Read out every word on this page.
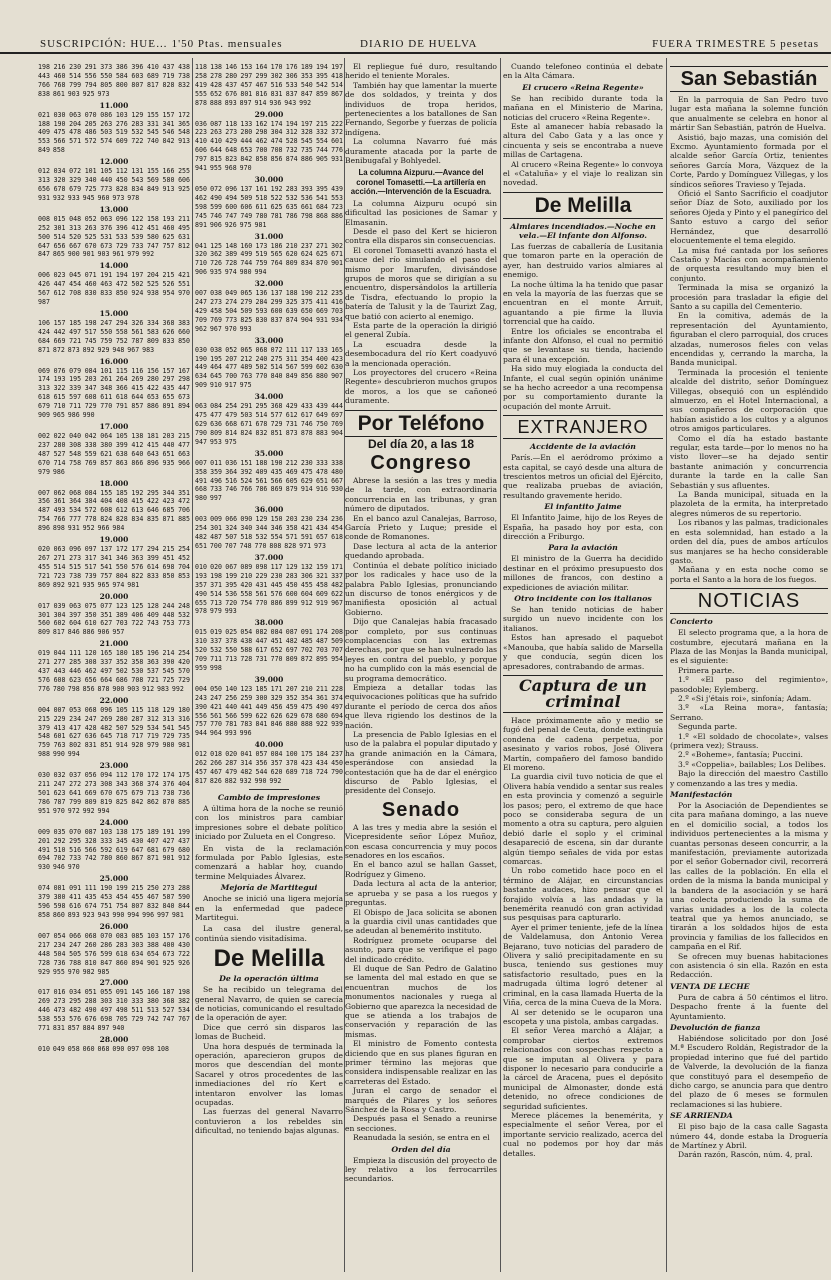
SUSCRIPCIÓN: HUE… 1'50 Ptas. mensuales	DIARIO DE HUELVA	FUERA TRIMESTRE 5 pesetas
198 216 230 291 373 386 396 410 437 438 443 460 514 556 550 584 603 689 719 738 766 768 799 794 805 800 807 817 828 832 838 861 903 925 973
11.000
021 030 063 070 086 103 129 155 157 172 188 190 204 205 263 276 283 331 341 365 409 475 478 486 503 519 532 545 546 548 553 566 571 572 574 609 722 740 842 913 849 858
12.000
012 034 072 101 105 112 131 155 166 255 313 320 329 340 440 450 543 569 580 606 656 678 679 725 773 828 834 849 913 925 931 932 933 945 960 973 978
13.000
008 015 048 052 063 096 122 158 193 211 252 301 313 263 376 396 412 451 460 495 500 514 520 525 531 533 539 580 625 631 647 656 667 670 673 729 733 747 757 812 847 865 900 901 903 961 979 992
14.000
006 023 045 071 191 194 197 204 215 421 426 447 454 460 463 472 502 525 526 551 567 612 708 830 833 850 924 938 954 970 987
15.000
106 157 185 198 247 294 326 334 368 383 424 442 497 517 550 558 561 583 626 660 684 669 721 745 759 752 787 809 833 850 871 872 873 892 929 948 967 983
16.000
069 076 079 084 101 115 116 156 157 167 174 193 195 203 261 264 269 280 297 298 313 322 339 347 348 366 415 422 435 447 618 615 597 608 611 618 644 653 655 673 679 710 711 729 770 791 857 886 891 894 909 965 986 990
17.000
002 022 040 042 064 105 138 181 203 215 237 280 308 338 380 399 412 415 440 477 487 527 548 559 621 638 640 643 651 663 670 714 758 769 857 863 866 896 935 966 979 986
18.000
007 062 068 084 155 185 192 295 344 351 356 361 364 384 404 408 415 422 423 472 487 493 534 572 608 612 613 646 685 706 754 766 777 778 824 828 834 835 871 885 896 898 931 952 966 984
19.000
020 063 096 097 137 172 177 294 215 254 267 271 273 317 341 346 363 399 451 452 455 514 515 517 541 550 576 614 698 704 721 723 738 739 757 804 822 833 850 853 869 892 921 935 965 974 981
20.000
017 039 063 075 077 123 125 128 244 248 301 304 397 350 351 389 406 409 448 532 560 602 604 610 627 703 722 743 753 773 809 817 846 886 906 957
21.000
019 044 111 120 165 180 185 196 214 254 271 277 285 308 337 352 358 363 390 420 437 443 446 462 497 502 530 537 545 570 576 608 623 656 664 686 708 721 725 729 776 780 798 856 878 900 903 912 983 992
22.000
004 007 053 068 096 105 115 118 129 180 215 229 234 247 269 280 287 312 313 316 379 413 417 428 482 507 529 534 541 545 548 601 627 636 645 718 717 719 729 735 759 763 802 831 851 914 928 979 980 981 988 990 994
23.000
030 032 037 056 094 112 170 172 174 175 211 247 272 273 308 343 368 374 376 404 501 623 641 669 670 675 679 713 738 736 786 787 799 809 819 825 842 862 870 885 951 970 972 992 994
24.000
009 035 070 087 103 138 175 189 191 199 201 292 295 328 333 345 430 407 427 437 491 510 516 566 592 619 647 681 679 680 694 702 733 742 780 860 867 871 901 912 930 946 970
25.000
074 081 091 111 190 199 215 250 273 288 379 380 411 435 453 454 455 467 587 590 596 598 616 674 751 754 807 832 840 844 858 860 893 923 943 990 994 996 997 981
26.000
007 054 066 068 070 083 085 103 157 176 217 234 247 260 286 283 303 388 400 430 448 504 505 576 599 618 634 654 673 722 728 736 788 810 847 860 894 901 925 926 929 955 970 982 985
27.000
017 016 034 051 055 091 145 166 187 198 269 273 295 288 303 310 333 380 368 382 446 473 482 490 497 498 511 513 527 534 538 553 576 676 698 705 729 742 747 767 771 831 857 884 897 940
28.000
010 049 058 060 068 090 097 098 108
118 138 146 153 164 170 176 189 194 197 258 278 280 297 299 302 306 353 395 418 419 428 437 457 467 516 533 540 542 514 555 652 676 801 816 831 837 847 859 867 878 888 893 897 914 936 943 992
29.000
036 087 118 133 162 174 194 197 215 222 223 263 273 280 298 304 312 328 332 372 410 410 429 444 462 474 528 545 554 601 606 644 648 653 700 708 732 735 744 776 797 815 823 842 858 856 874 886 905 931 941 955 968 970
30.000
050 072 096 137 161 192 283 393 395 439 462 490 494 509 518 522 532 536 541 553 598 599 600 606 611 625 635 661 684 723 745 746 747 749 780 781 786 798 868 886 891 906 926 975 981
31.000
041 125 148 160 173 186 210 237 271 302 320 362 389 499 519 565 620 624 625 671 710 726 728 744 759 764 809 834 870 901 906 935 974 980 994
32.000
007 038 049 065 136 137 188 190 212 235 247 273 274 279 284 299 325 375 411 416 429 458 504 509 593 600 639 650 669 703 709 769 773 825 830 837 874 904 931 934 962 967 970 993
33.000
030 038 052 065 068 072 111 117 133 165 190 195 207 212 240 275 311 354 400 423 449 464 477 489 502 514 567 599 602 630 634 645 700 763 770 840 849 856 880 907 909 910 917 975
34.000
063 084 254 291 295 368 429 433 439 444 475 477 479 503 514 577 612 617 649 697 629 636 668 671 678 729 731 746 750 769 790 809 814 824 832 851 873 878 883 904 947 953 975
35.000
007 011 036 151 188 190 212 230 333 338 358 359 364 392 409 435 469 475 478 480 491 496 516 524 561 566 605 629 651 667 668 733 746 766 786 869 879 914 916 930 980 997
36.000
003 009 066 090 129 150 203 230 234 236 254 301 324 340 344 346 358 421 434 454 482 487 507 518 532 554 571 591 657 618 651 700 707 748 770 808 828 971 973
37.000
010 020 067 089 098 117 129 132 159 171 193 198 199 210 229 230 283 306 321 337 357 371 395 420 431 445 450 455 458 482 490 514 536 558 561 576 600 604 609 622 655 713 720 754 770 886 899 912 919 967 978 979 993
38.000
015 019 025 054 082 084 087 091 174 208 310 337 378 438 447 451 482 485 487 509 520 532 550 588 617 652 697 702 703 707 709 711 713 728 731 770 809 872 895 954 959 998
39.000
004 050 140 123 185 171 207 210 211 228 243 247 256 259 300 329 352 354 361 374 390 421 440 441 449 456 459 475 490 497 556 561 566 599 622 626 629 678 680 694 757 770 781 783 841 846 880 888 922 939 944 964 993 996
40.000
012 018 020 041 057 084 100 175 184 237 262 266 287 314 356 357 378 423 434 450 457 467 479 482 544 620 689 718 724 790 817 826 882 932 990 992
Cambio de impresiones

A última hora de la noche se reunió con los ministros para cambiar impresiones sobre el debate político iniciado por Zulueta en el Congreso.

En vista de la reclamación formulada por Pablo Iglesias, este comenzará a hablar hoy, cuando termine Melquiades Álvarez.

Mejoría de Martitegui

Anoche se inició una ligera mejoría en la enfermedad que padece Martitegui.

La casa del ilustre general, continúa siendo visitadísima.

De Melilla
De la operación última

Se ha recibido un telegrama del general Navarro, de quien se carecía de noticias, comunicando el resultado de la operación de ayer.

Dice que cerró sin disparos las lomas de Bucheid.

Una hora después de terminada la operación, aparecieron grupos de moros que descendían del monte Sacarel y otros procedentes de las inmediaciones del río Kert e intentaron envolver las lomas ocupadas.

Las fuerzas del general Navarro contuvieron a los rebeldes sin dificultad, no teniendo bajas algunas.

El repliegue fué duro, resultando herido el teniente Morales.

También hay que lamentar la muerte de dos soldados, y treinta y dos individuos de tropa heridos, pertenecientes a los batallones de San Fernando, Segorbe y fuerzas de policía indígena.

La columna Navarro fué más duramente atacada por la parte de Benibugafal y Bohlyedel.

La columna Aizpuru.—Avance del coronel Tomasetti.—La artillería en acción.—Intervención de la Escuadra.

La columna Aizpuru ocupó sin dificultad las posiciones de Samar y Elmasanin.

Desde el paso del Kert se hicieron contra ella disparos sin consecuencias.

El coronel Tomasetti avanzó hasta el cauce del río simulando el paso del mismo por Imarufen, divisándose grupos de moros que se dirigían a su encuentro, dispersándolos la artillería de Tisdra, efectuando lo propio la batería de Talusit y la de Taurizt Zag, que batió con acierto al enemigo.

Esta parte de la operación la dirigió el general Zubía.

La escuadra desde la desembocadura del río Kert coadyuvó a la mencionada operación.

Los proyectores del crucero «Reina Regente» descubrieron muchos grupos de moros, a los que se cañoneó duramente.

Por Teléfono
Del día 20, a las 18
Congreso

Abrese la sesión a las tres y media de la tarde, con extraordinaria concurrencia en las tribunas, y gran número de diputados.

En el banco azul Canalejas, Barroso, García Prieto y Luque; preside el conde de Romanones.

Dase lectura al acta de la anterior quedando aprobada.

Continúa el debate político iniciado por los radicales y hace uso de la palabra Pablo Iglesias, pronunciando un discurso de tonos enérgicos y de manifiesta oposición al actual Gobierno.

Dijo que Canalejas había fracasado por completo, por sus continuas complacencias con las extremas derechas, por que se han vulnerado las leyes en contra del pueblo, y porque no ha cumplido con la más esencial de su programa democrático.

Empieza a detallar todas las equivocaciones políticas que ha sufrido durante el período de cerca dos años que lleva rigiendo los destinos de la nación.

La presencia de Pablo Iglesias en el uso de la palabra el popular diputado y ha grande animación en la Cámara, esperándose con ansiedad la contestación que ha de dar el enérgico discurso de Pablo Iglesias, el presidente del Consejo.

Senado

A las tres y media abre la sesión el Vicepresidente señor López Muñoz, con escasa concurrencia y muy pocos senadores en los escaños.

En el banco azul se hallan Gasset, Rodríguez y Gimeno.

Dada lectura al acta de la anterior, se aprueba y se pasa a los ruegos y preguntas.

El Obispo de Jaca solicita se abonen a la guardia civil unas cantidades que se adeudan al benemérito instituto.

Rodríguez promete ocuparse del asunto, para que se verifique el pago del indicado crédito.

El duque de San Pedro de Galatino se lamenta del mal estado en que se encuentran muchos de los monumentos nacionales y ruega al Gobierno que aparezca la necesidad de que se atienda a los trabajos de conservación y reparación de las mismas.

El ministro de Fomento contesta diciendo que en sus planes figuran en primer término las mejoras que considera indispensable realizar en las carreteras del Estado.

Juran el cargo de senador el marqués de Pilares y los señores Sánchez de la Rosa y Castro.

Después pasa el Senado a reunirse en secciones.

Reanudada la sesión, se entra en el

Orden del día

Empieza la discusión del proyecto de ley relativo a los ferrocarriles secundarios.

Cuando telefoneo continúa el debate en la Alta Cámara.

El crucero «Reina Regente»

Se han recibido durante toda la mañana en el Ministerio de Marina, noticias del crucero «Reina Regente».

Este al amanecer había rebasado la altura del Cabo Gata y a las once y cincuenta y seis se encontraba a nueve millas de Cartagena.

Al crucero «Reina Regente» lo convoya el «Cataluña» y el viaje lo realizan sin novedad.

De Melilla
Almiares incendiados.—Noche en vela.—El infante don Alfonso.

Las fuerzas de caballería de Lusitania que tomaron parte en la operación de ayer, han destruido varios almiares al enemigo.

La noche última la ha tenido que pasar en vela la mayoría de las fuerzas que se encuentran en el monte Arruit, aguantando a pie firme la lluvia torrencial que ha caído.

Entre los oficiales se encontraba el infante don Alfonso, el cual no permitió que se levantase su tienda, haciendo para él una excepción.

Ha sido muy elogiada la conducta del Infante, el cual según opinión unánime se ha hecho acreedor a una recompensa por su comportamiento durante la ocupación del monte Arruit.

EXTRANJERO
Accidente de la aviación

París.—En el aeródromo próximo a esta capital, se cayó desde una altura de trescientos metros un oficial del Ejército, que realizaba pruebas de aviación, resultando gravemente herido.

El infantito Jaime

El Infantito Jaime, hijo de los Reyes de España, ha pasado hoy por esta, con dirección a Friburgo.

Para la aviación

El ministro de la Guerra ha decidido destinar en el próximo presupuesto dos millones de francos, con destino a expediciones de aviación militar.

Otro incidente con los italianos

Se han tenido noticias de haber surgido un nuevo incidente con los italianos.

Estos han apresado el paquebot «Manouba, que había salido de Marsella y que conducía, según dicen los apresadores, contrabando de armas.

Captura de un criminal

Hace próximamente año y medio se fugó del penal de Ceuta, donde extinguía condena de cadena perpetua, por asesinato y varios robos, José Olivera Martín, compañero del famoso bandido El moreno.

La guardia civil tuvo noticia de que el Olivera había vendido a sentar sus reales en esta provincia y comenzó a seguirle los pasos; pero, el extremo de que hace poco se consideraba segura de un momento a otra su captura, pero alguien debió darle el soplo y el criminal desapareció de escena, sin dar durante algún tiempo señales de vida por estas comarcas.

Un robo cometido hace poco en el término de Alájar, en circunstancias bastante audaces, hizo pensar que el forajido volvía a las andadas y la benemérita reanudó con gran actividad sus pesquisas para capturarlo.

Ayer el primer teniente, jefe de la línea de Valdelamusa, don Antonio Verea Bejarano, tuvo noticias del paradero de Olivera y salió precipitadamente en su busca, teniendo sus gestiones muy satisfactorio resultado, pues en la madrugada última logró detener al criminal, en la casa llamada Huerta de la Viña, cerca de la mina Cueva de la Mora.

Al ser detenido se le ocuparon una escopeta y una pistola, ambas cargadas.

El señor Verea marchó a Alájar, a comprobar ciertos extremos relacionados con sospechas respecto a que se imputan al Olivera y para disponer lo necesario para conducirle a la cárcel de Aracena, pues el depósito municipal de Almonaster, donde está detenido, no ofrece condiciones de seguridad suficientes.

Merece plácemes la benemérita, y especialmente el señor Verea, por el importante servicio realizado, acerca del cual no podemos por hoy dar más detalles.

San Sebastián

En la parroquia de San Pedro tuvo lugar esta mañana la solemne función que anualmente se celebra en honor al mártir San Sebastián, patrón de Huelva.

Asistió, bajo mazas, una comisión del Excmo. Ayuntamiento formada por el alcalde señor García Ortiz, tenientes señores García Mora, Vázquez de la Corte, Pardo y Domínguez Villegas, y los síndicos señores Travieso y Tejada.

Ofició el Santo Sacrificio el coadjutor señor Díaz de Soto, auxiliado por los señores Ojeda y Pinto y el panegírico del Santo estuvo a cargo del señor Hernández, que desarrolló elocuentemente el tema elegido.

La misa fué cantada por los señores Castaño y Macías con acompañamiento de orquesta resultando muy bien el conjunto.

Terminada la misa se organizó la procesión para trasladar la efigie del Santo a su capilla del Cementerio.

En la comitiva, además de la representación del Ayuntamiento, figuraban el clero parroquial, dos cruces alzadas, numerosos fieles con velas encendidas y, cerrando la marcha, la Banda municipal.

Terminada la procesión el teniente alcalde del distrito, señor Domínguez Villegas, obsequió con un espléndido almuerzo, en el Hotel Internacional, a sus compañeros de corporación que habían asistido a los cultos y a algunos otros amigos particulares.

Como el día ha estado bastante regular, esta tarde—por lo menos no ha visto llover—se ha dejado sentir bastante animación y concurrencia durante la tarde en la calle San Sebastián y sus afluentes.

La Banda municipal, situada en la plazoleta de la ermita, ha interpretado alegres números de su repertorio.

Los ribanos y las palmas, tradicionales en esta solemnidad, han estado a la orden del día, pues de ambos artículos sus manjares se ha hecho considerable gasto.

Mañana y en esta noche como se porta el Santo a la hora de los fuegos.

NOTICIAS
Concierto

El selecto programa que, a la hora de costumbre, ejecutará mañana en la Plaza de las Monjas la Banda municipal, es el siguiente:

Primera parte.

1.º «El paso del regimiento», pasodoble; Eylemberg.

2.º «Si j'étais roi», sinfonía; Adam.

3.º «La Reina mora», fantasía; Serrano.

Segunda parte.

1.º «El soldado de chocolate», valses (primera vez); Strauss.

2.º «Boheme», fantasía; Puccini.

3.º «Coppelia», bailables; Los Delibes.

Bajo la dirección del maestro Castillo y comenzando a las tres y media.

Manifestación

Por la Asociación de Dependientes se cita para mañana domingo, a las nueve en el domicilio social, a todos los individuos pertenecientes a la misma y cuantas personas deseen concurrir, a la manifestación, previamente autorizada por el señor Gobernador civil, recorrerá las calles de la población. En ella el orden de la misma la banda municipal y la bandera de la asociación y se hará una colecta produciendo la suma de varias unidades a los de la colecta teatral que ya hemos anunciado, se tirarán a los soldados hijos de esta provincia y familias de los fallecidos en campaña en el Rif.

Se ofrecen muy buenas habitaciones con asistencia ó sin ella. Razón en esta Redacción.

VENTA DE LECHE

Pura de cabra á 50 céntimos el litro. Despacho frente á la fuente del Ayuntamiento.

Devolución de fianza

Habiéndose solicitado por don José M.ª Escudero Roldán, Registrador de la propiedad interino que fué del partido de Valverde, la devolución de la fianza que constituyó para el desempeño de dicho cargo, se anuncia para que dentro del plazo de 6 meses se formulen reclamaciones si las hubiere.

SE ARRIENDA

El piso bajo de la casa calle Sagasta número 44, donde estaba la Droguería de Martínez y Abril.

Darán razón, Rascón, núm. 4, pral.
